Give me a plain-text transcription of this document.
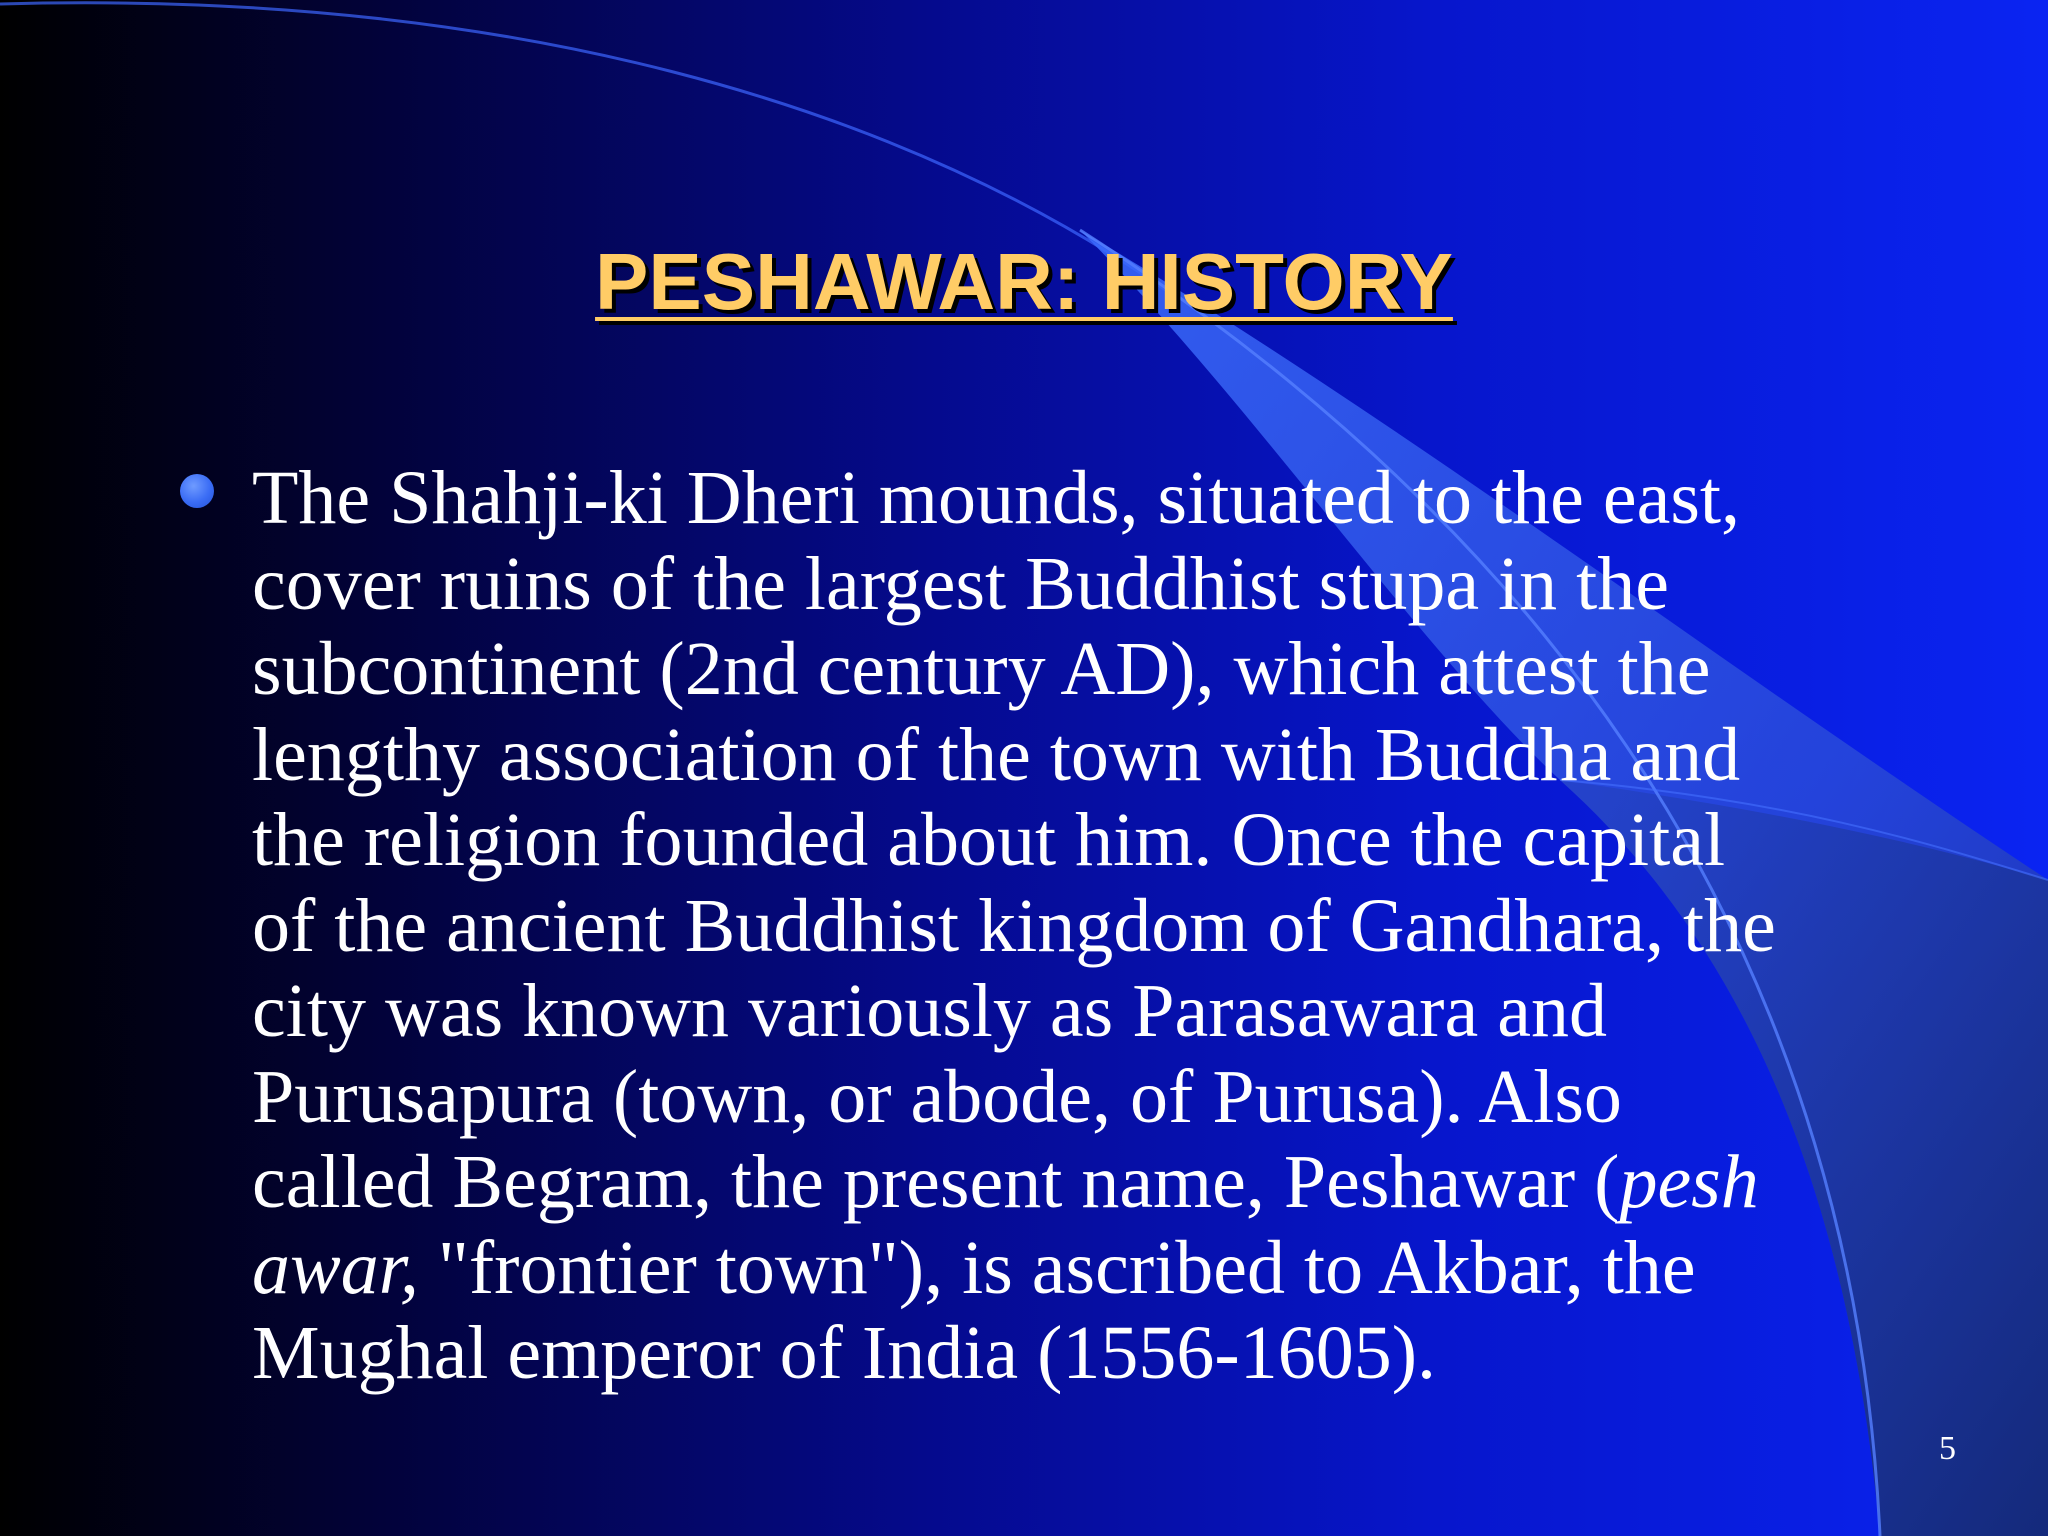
PESHAWAR: HISTORY
The Shahji-ki Dheri mounds, situated to the east,
cover ruins of the largest Buddhist stupa in the
subcontinent (2nd century AD), which attest the
lengthy association of the town with Buddha and
the religion founded about him. Once the capital
of the ancient Buddhist kingdom of Gandhara, the
city was known variously as Parasawara and
Purusapura (town, or abode, of Purusa). Also
called Begram, the present name, Peshawar (pesh
awar, "frontier town"), is ascribed to Akbar, the
Mughal emperor of India (1556-1605).
5
